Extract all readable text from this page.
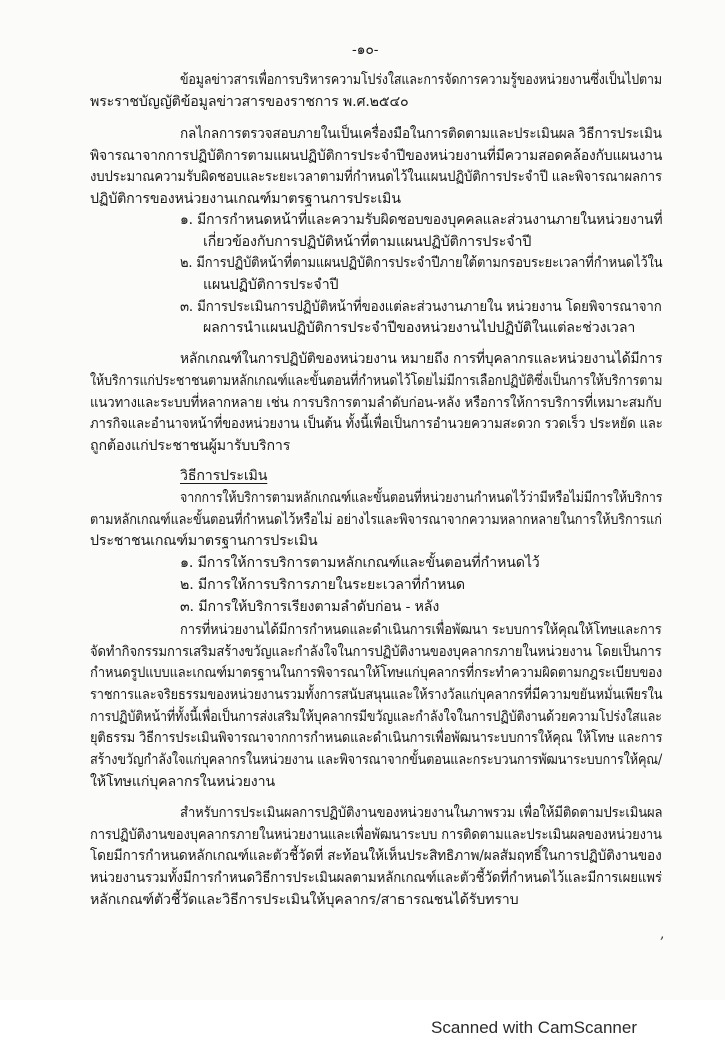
-๑๐-
ข้อมูลข่าวสารเพื่อการบริหารความโปร่งใสและการจัดการความรู้ของหน่วยงานซึ่งเป็นไปตาม
พระราชบัญญัติข้อมูลข่าวสารของราชการ พ.ศ.๒๕๔๐
กลไกลการตรวจสอบภายในเป็นเครื่องมือในการติดตามและประเมินผล วิธีการประเมิน
พิจารณาจากการปฏิบัติการตามแผนปฏิบัติการประจำปีของหน่วยงานที่มีความสอดคล้องกับแผนงาน
งบประมาณความรับผิดชอบและระยะเวลาตามที่กำหนดไว้ในแผนปฏิบัติการประจำปี และพิจารณาผลการ
ปฏิบัติการของหน่วยงานเกณฑ์มาตรฐานการประเมิน
๑. มีการกำหนดหน้าที่และความรับผิดชอบของบุคคลและส่วนงานภายในหน่วยงานที่
เกี่ยวข้องกับการปฏิบัติหน้าที่ตามแผนปฏิบัติการประจำปี
๒. มีการปฏิบัติหน้าที่ตามแผนปฏิบัติการประจำปีภายใต้ตามกรอบระยะเวลาที่กำหนดไว้ใน
แผนปฏิบัติการประจำปี
๓. มีการประเมินการปฏิบัติหน้าที่ของแต่ละส่วนงานภายใน หน่วยงาน โดยพิจารณาจาก
ผลการนำแผนปฏิบัติการประจำปีของหน่วยงานไปปฏิบัติในแต่ละช่วงเวลา
หลักเกณฑ์ในการปฏิบัติของหน่วยงาน หมายถึง การที่บุคลากรและหน่วยงานได้มีการ
ให้บริการแก่ประชาชนตามหลักเกณฑ์และขั้นตอนที่กำหนดไว้โดยไม่มีการเลือกปฏิบัติซึ่งเป็นการให้บริการตาม
แนวทางและระบบที่หลากหลาย เช่น การบริการตามลำดับก่อน-หลัง หรือการให้การบริการที่เหมาะสมกับ
ภารกิจและอำนาจหน้าที่ของหน่วยงาน เป็นต้น ทั้งนี้เพื่อเป็นการอำนวยความสะดวก รวดเร็ว ประหยัด และ
ถูกต้องแก่ประชาชนผู้มารับบริการ
วิธีการประเมิน
จากการให้บริการตามหลักเกณฑ์และขั้นตอนที่หน่วยงานกำหนดไว้ว่ามีหรือไม่มีการให้บริการ
ตามหลักเกณฑ์และขั้นตอนที่กำหนดไว้หรือไม่ อย่างไรและพิจารณาจากความหลากหลายในการให้บริการแก่
ประชาชนเกณฑ์มาตรฐานการประเมิน
๑. มีการให้การบริการตามหลักเกณฑ์และขั้นตอนที่กำหนดไว้
๒. มีการให้การบริการภายในระยะเวลาที่กำหนด
๓. มีการให้บริการเรียงตามลำดับก่อน - หลัง
การที่หน่วยงานได้มีการกำหนดและดำเนินการเพื่อพัฒนา ระบบการให้คุณให้โทษและการ
จัดทำกิจกรรมการเสริมสร้างขวัญและกำลังใจในการปฏิบัติงานของบุคลากรภายในหน่วยงาน โดยเป็นการ
กำหนดรูปแบบและเกณฑ์มาตรฐานในการพิจารณาให้โทษแก่บุคลากรที่กระทำความผิดตามกฎระเบียบของ
ราชการและจริยธรรมของหน่วยงานรวมทั้งการสนับสนุนและให้รางวัลแก่บุคลากรที่มีความขยันหมั่นเพียรใน
การปฏิบัติหน้าที่ทั้งนี้เพื่อเป็นการส่งเสริมให้บุคลากรมีขวัญและกำลังใจในการปฏิบัติงานด้วยความโปร่งใสและ
ยุติธรรม วิธีการประเมินพิจารณาจากการกำหนดและดำเนินการเพื่อพัฒนาระบบการให้คุณ ให้โทษ และการ
สร้างขวัญกำลังใจแก่บุคลากรในหน่วยงาน และพิจารณาจากขั้นตอนและกระบวนการพัฒนาระบบการให้คุณ/
ให้โทษแก่บุคลากรในหน่วยงาน
สำหรับการประเมินผลการปฏิบัติงานของหน่วยงานในภาพรวม เพื่อให้มีติดตามประเมินผล
การปฏิบัติงานของบุคลากรภายในหน่วยงานและเพื่อพัฒนาระบบ การติดตามและประเมินผลของหน่วยงาน
โดยมีการกำหนดหลักเกณฑ์และตัวชี้วัดที่ สะท้อนให้เห็นประสิทธิภาพ/ผลสัมฤทธิ์ในการปฏิบัติงานของ
หน่วยงานรวมทั้งมีการกำหนดวิธีการประเมินผลตามหลักเกณฑ์และตัวชี้วัดที่กำหนดไว้และมีการเผยแพร่
หลักเกณฑ์ตัวชี้วัดและวิธีการประเมินให้บุคลากร/สาธารณชนได้รับทราบ
,
Scanned with CamScanner
